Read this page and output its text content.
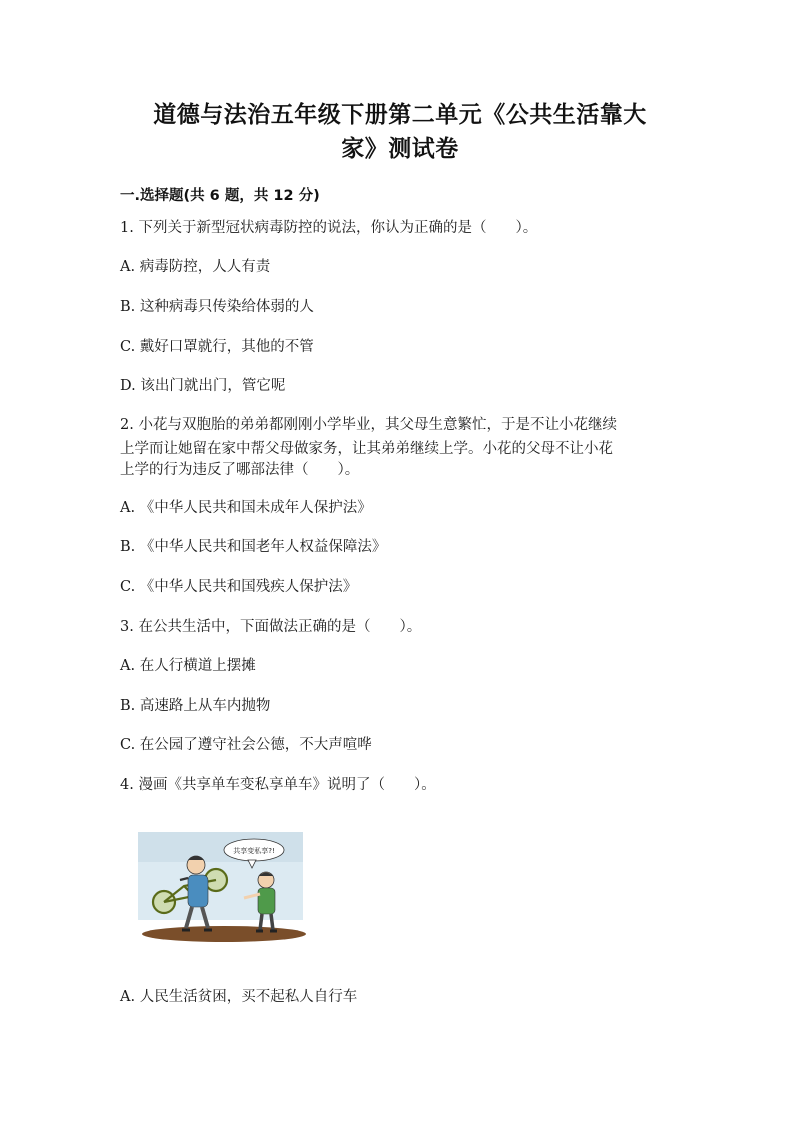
道德与法治五年级下册第二单元《公共生活靠大
家》测试卷
一.选择题(共 6 题，共 12 分)
1. 下列关于新型冠状病毒防控的说法，你认为正确的是（　　）。
A. 病毒防控，人人有责
B. 这种病毒只传染给体弱的人
C. 戴好口罩就行，其他的不管
D. 该出门就出门，管它呢
2. 小花与双胞胎的弟弟都刚刚小学毕业，其父母生意繁忙，于是不让小花继续
上学而让她留在家中帮父母做家务，让其弟弟继续上学。小花的父母不让小花
上学的行为违反了哪部法律（　　）。
A. 《中华人民共和国未成年人保护法》
B. 《中华人民共和国老年人权益保障法》
C. 《中华人民共和国残疾人保护法》
3. 在公共生活中，下面做法正确的是（　　）。
A. 在人行横道上摆摊
B. 高速路上从车内抛物
C. 在公园了遵守社会公德，不大声喧哗
4. 漫画《共享单车变私享单车》说明了（　　）。
共享变私享?!
A. 人民生活贫困，买不起私人自行车
